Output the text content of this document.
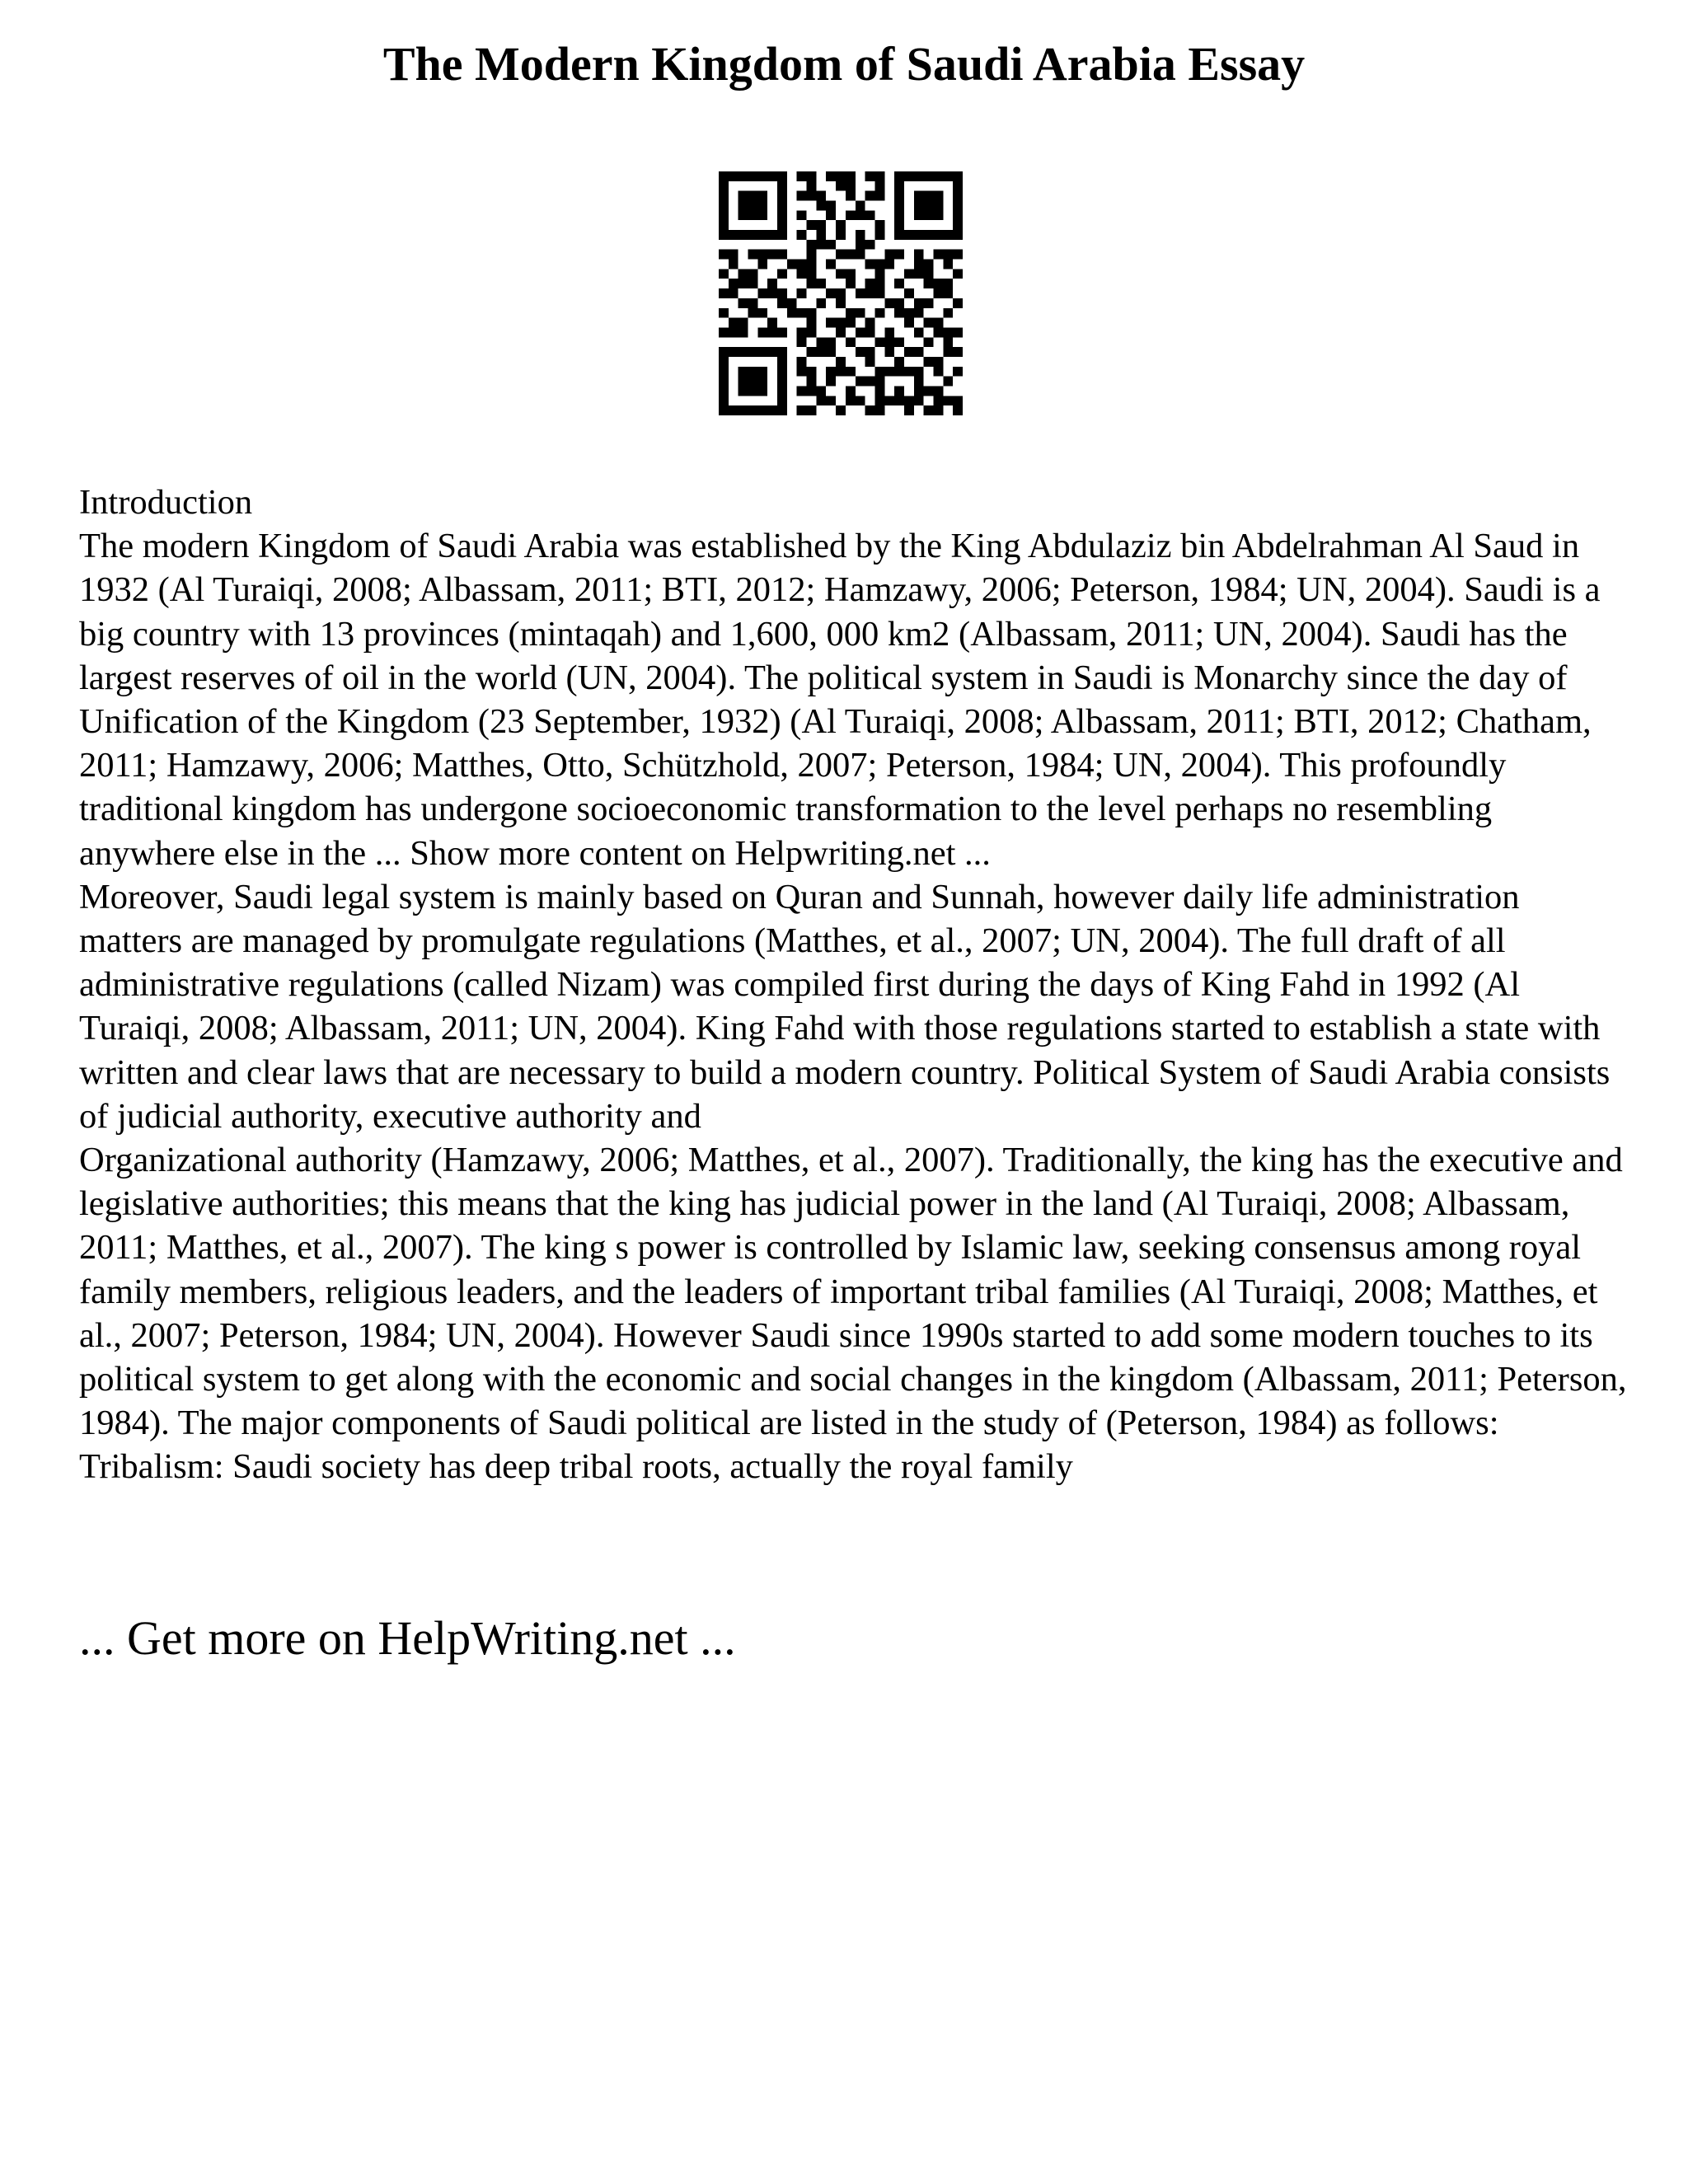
The Modern Kingdom of Saudi Arabia Essay

Introduction

The modern Kingdom of Saudi Arabia was established by the King Abdulaziz bin Abdelrahman Al Saud in 1932 (Al Turaiqi, 2008; Albassam, 2011; BTI, 2012; Hamzawy, 2006; Peterson, 1984; UN, 2004). Saudi is a big country with 13 provinces (mintaqah) and 1,600, 000 km2 (Albassam, 2011; UN, 2004). Saudi has the largest reserves of oil in the world (UN, 2004). The political system in Saudi is Monarchy since the day of Unification of the Kingdom (23 September, 1932) (Al Turaiqi, 2008; Albassam, 2011; BTI, 2012; Chatham, 2011; Hamzawy, 2006; Matthes, Otto, Schützhold, 2007; Peterson, 1984; UN, 2004). This profoundly traditional kingdom has undergone socioeconomic transformation to the level perhaps no resembling anywhere else in the ... Show more content on Helpwriting.net ...

Moreover, Saudi legal system is mainly based on Quran and Sunnah, however daily life administration matters are managed by promulgate regulations (Matthes, et al., 2007; UN, 2004). The full draft of all administrative regulations (called Nizam) was compiled first during the days of King Fahd in 1992 (Al Turaiqi, 2008; Albassam, 2011; UN, 2004). King Fahd with those regulations started to establish a state with written and clear laws that are necessary to build a modern country. Political System of Saudi Arabia consists of judicial authority, executive authority and

Organizational authority (Hamzawy, 2006; Matthes, et al., 2007). Traditionally, the king has the executive and legislative authorities; this means that the king has judicial power in the land (Al Turaiqi, 2008; Albassam, 2011; Matthes, et al., 2007). The king s power is controlled by Islamic law, seeking consensus among royal family members, religious leaders, and the leaders of important tribal families (Al Turaiqi, 2008; Matthes, et al., 2007; Peterson, 1984; UN, 2004). However Saudi since 1990s started to add some modern touches to its political system to get along with the economic and social changes in the kingdom (Albassam, 2011; Peterson, 1984). The major components of Saudi political are listed in the study of (Peterson, 1984) as follows:

Tribalism: Saudi society has deep tribal roots, actually the royal family

... Get more on HelpWriting.net ...
